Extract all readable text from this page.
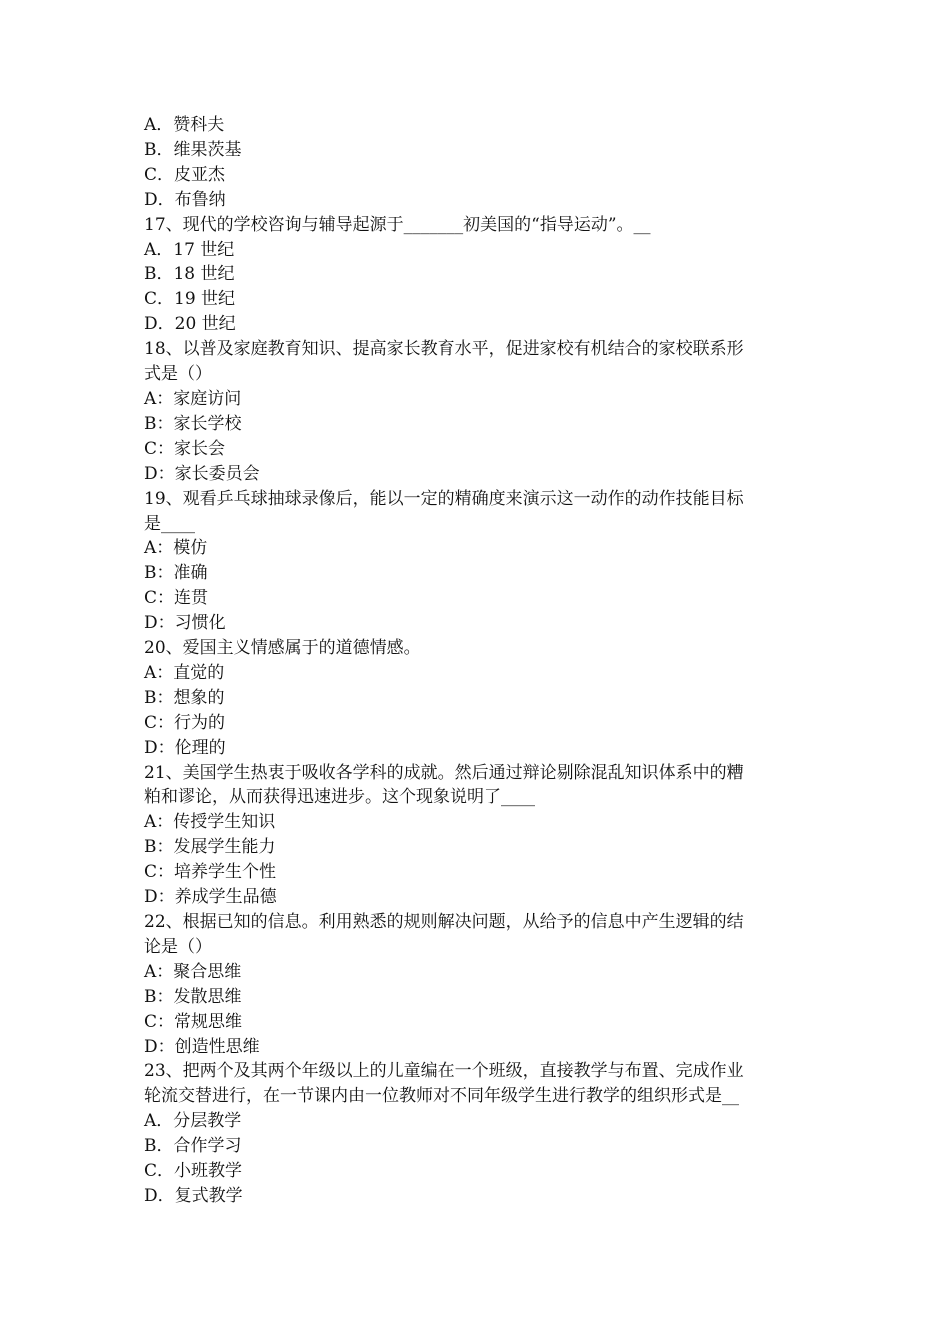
A．赞科夫
B．维果茨基
C．皮亚杰
D．布鲁纳
17、现代的学校咨询与辅导起源于_______初美国的“指导运动”。__
A．17 世纪
B．18 世纪
C．19 世纪
D．20 世纪
18、以普及家庭教育知识、提高家长教育水平，促进家校有机结合的家校联系形
式是（）
A：家庭访问
B：家长学校
C：家长会
D：家长委员会
19、观看乒乓球抽球录像后，能以一定的精确度来演示这一动作的动作技能目标
是____
A：模仿
B：准确
C：连贯
D：习惯化
20、爱国主义情感属于的道德情感。
A：直觉的
B：想象的
C：行为的
D：伦理的
21、美国学生热衷于吸收各学科的成就。然后通过辩论剔除混乱知识体系中的糟
粕和谬论，从而获得迅速进步。这个现象说明了____
A：传授学生知识
B：发展学生能力
C：培养学生个性
D：养成学生品德
22、根据已知的信息。利用熟悉的规则解决问题，从给予的信息中产生逻辑的结
论是（）
A：聚合思维
B：发散思维
C：常规思维
D：创造性思维
23、把两个及其两个年级以上的儿童编在一个班级，直接教学与布置、完成作业
轮流交替进行，在一节课内由一位教师对不同年级学生进行教学的组织形式是__
A．分层教学
B．合作学习
C．小班教学
D．复式教学
